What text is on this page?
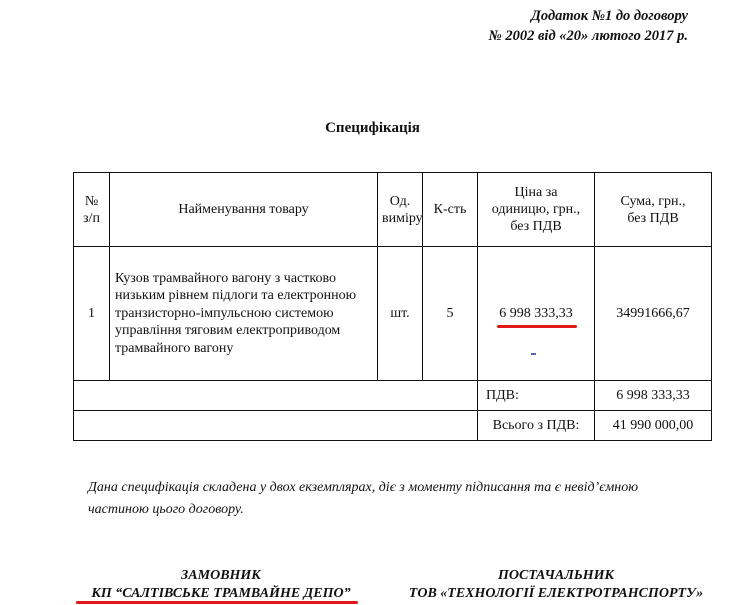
Додаток №1 до договору
№ 2002 від «20» лютого 2017 р.
Специфікація
№ з/п	Найменування товару	Од. виміру	К-сть	Ціна за одиницю, грн., без ПДВ	Сума, грн., без ПДВ
1	Кузов трамвайного вагону з частково низьким рівнем підлоги та електронною транзисторно-імпульсною системою управління тяговим електроприводом трамвайного вагону	шт.	5	6 998 333,33	34991666,67
				ПДВ:	6 998 333,33
				Всього з ПДВ:	41 990 000,00
Дана специфікація складена у двох екземплярах, діє з моменту підписання та є невід’ємною частиною цього договору.
ЗАМОВНИК
КП “САЛТІВСЬКЕ ТРАМВАЙНЕ ДЕПО”
ПОСТАЧАЛЬНИК
ТОВ «ТЕХНОЛОГІЇ ЕЛЕКТРОТРАНСПОРТУ»
